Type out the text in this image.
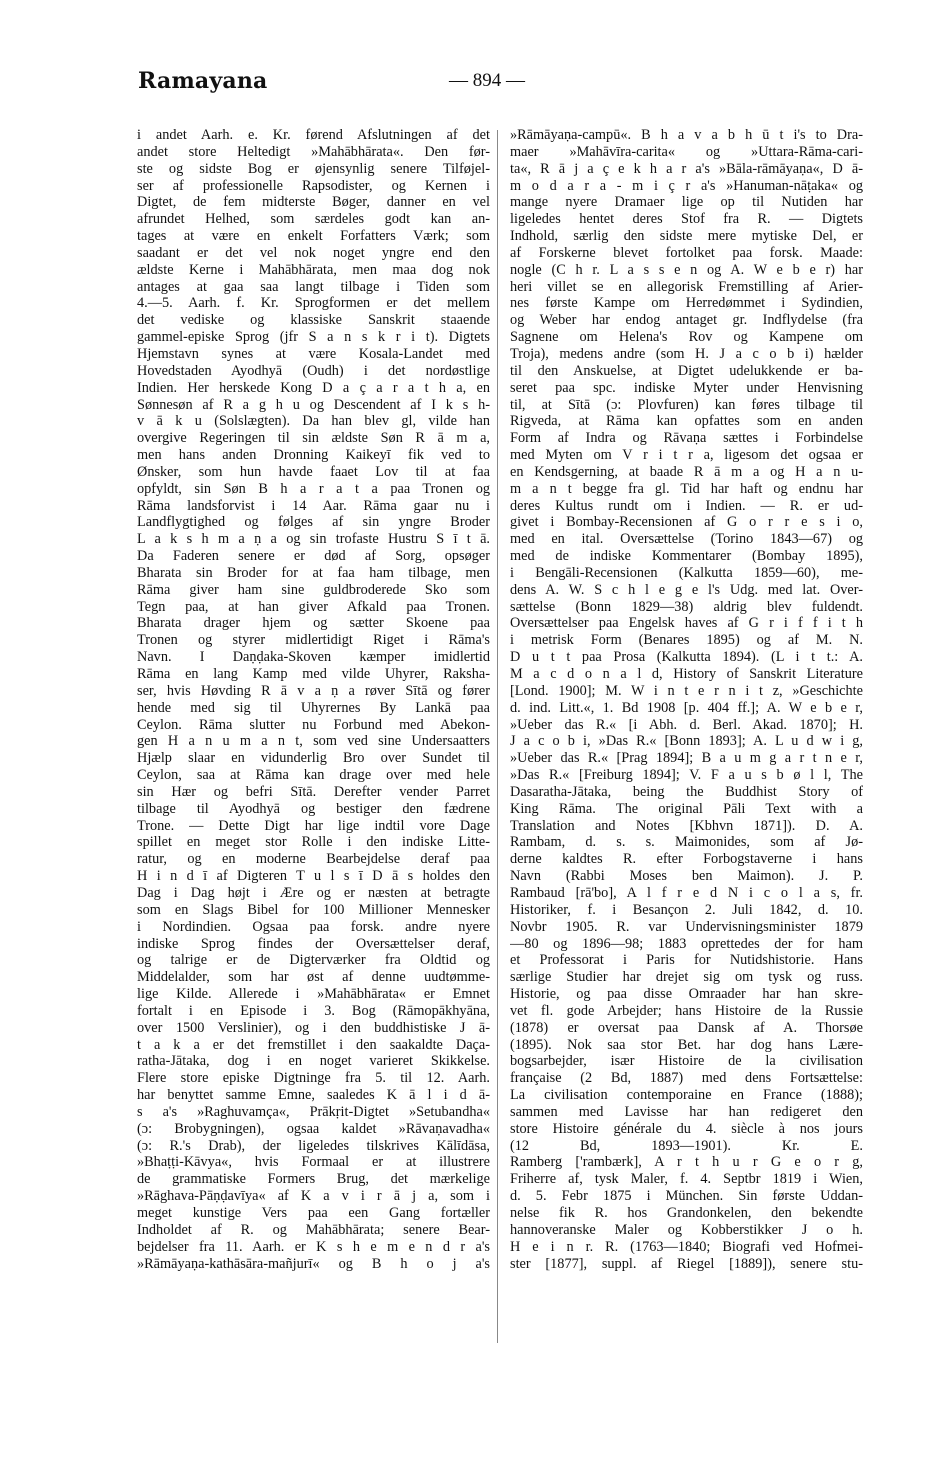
Ramayana	— 894 —
i andet Aarh. e. Kr. førend Afslutningen af det
andet store Heltedigt »Mahābhārata«. Den før-
ste og sidste Bog er øjensynlig senere Tilføjel-
ser af professionelle Rapsodister, og Kernen i
Digtet, de fem midterste Bøger, danner en vel
afrundet Helhed, som særdeles godt kan an-
tages at være en enkelt Forfatters Værk; som
saadant er det vel nok noget yngre end den
ældste Kerne i Mahābhārata, men maa dog nok
antages at gaa saa langt tilbage i Tiden som
4.—5. Aarh. f. Kr. Sprogformen er det mellem
det vediske og klassiske Sanskrit staaende
gammel-episke Sprog (jfr S a n s k r i t). Digtets
Hjemstavn synes at være Kosala-Landet med
Hovedstaden Ayodhyā (Oudh) i det nordøstlige
Indien. Her herskede Kong D a ç a r a t h a, en
Sønnesøn af R a g h u og Descendent af I k s h-
v ā k u (Solslægten). Da han blev gl, vilde han
overgive Regeringen til sin ældste Søn R ā m a,
men hans anden Dronning Kaikeyī fik ved to
Ønsker, som hun havde faaet Lov til at faa
opfyldt, sin Søn B h a r a t a paa Tronen og
Rāma landsforvist i 14 Aar. Rāma gaar nu i
Landflygtighed og følges af sin yngre Broder
L a k s h m a ṇ a og sin trofaste Hustru S ī t ā.
Da Faderen senere er død af Sorg, opsøger
Bharata sin Broder for at faa ham tilbage, men
Rāma giver ham sine guldbroderede Sko som
Tegn paa, at han giver Afkald paa Tronen.
Bharata drager hjem og sætter Skoene paa
Tronen og styrer midlertidigt Riget i Rāma's
Navn. I Daṇḍaka-Skoven kæmper imidlertid
Rāma en lang Kamp med vilde Uhyrer, Raksha-
ser, hvis Høvding R ā v a ṇ a røver Sītā og fører
hende med sig til Uhyrernes By Lankā paa
Ceylon. Rāma slutter nu Forbund med Abekon-
gen H a n u m a n t, som ved sine Undersaatters
Hjælp slaar en vidunderlig Bro over Sundet til
Ceylon, saa at Rāma kan drage over med hele
sin Hær og befri Sītā. Derefter vender Parret
tilbage til Ayodhyā og bestiger den fædrene
Trone. — Dette Digt har lige indtil vore Dage
spillet en meget stor Rolle i den indiske Litte-
ratur, og en moderne Bearbejdelse deraf paa
H i n d ī af Digteren T u l s ī D ā s holdes den
Dag i Dag højt i Ære og er næsten at betragte
som en Slags Bibel for 100 Millioner Mennesker
i Nordindien. Ogsaa paa forsk. andre nyere
indiske Sprog findes der Oversættelser deraf,
og talrige er de Digterværker fra Oldtid og
Middelalder, som har øst af denne uudtømme-
lige Kilde. Allerede i »Mahābhārata« er Emnet
fortalt i en Episode i 3. Bog (Rāmopākhyāna,
over 1500 Verslinier), og i den buddhistiske J ā-
t a k a er det fremstillet i den saakaldte Daça-
ratha-Jātaka, dog i en noget varieret Skikkelse.
Flere store episke Digtninge fra 5. til 12. Aarh.
har benyttet samme Emne, saaledes K ā l i d ā-
s a's »Raghuvamça«, Prākṛit-Digtet »Setubandha«
(ɔ: Brobygningen), ogsaa kaldet »Rāvaṇavadha«
(ɔ: R.'s Drab), der ligeledes tilskrives Kālīdāsa,
»Bhaṭṭi-Kāvya«, hvis Formaal er at illustrere
de grammatiske Formers Brug, det mærkelige
»Rāghava-Pāṇḍavīya« af K a v i r ā j a, som i
meget kunstige Vers paa een Gang fortæller
Indholdet af R. og Mahābhārata; senere Bear-
bejdelser fra 11. Aarh. er K s h e m e n d r a's
»Rāmāyaṇa-kathāsāra-mañjurī« og B h o j a's
»Rāmāyaṇa-campū«. B h a v a b h ū t i's to Dra-
maer »Mahāvīra-carita« og »Uttara-Rāma-cari-
ta«, R ā j a ç e k h a r a's »Bāla-rāmāyaṇa«, D ā-
m o d a r a - m i ç r a's »Hanuman-nāṭaka« og
mange nyere Dramaer lige op til Nutiden har
ligeledes hentet deres Stof fra R. — Digtets
Indhold, særlig den sidste mere mytiske Del, er
af Forskerne blevet fortolket paa forsk. Maade:
nogle (C h r. L a s s e n og A. W e b e r) har
heri villet se en allegorisk Fremstilling af Arier-
nes første Kampe om Herredømmet i Sydindien,
og Weber har endog antaget gr. Indflydelse (fra
Sagnene om Helena's Rov og Kampene om
Troja), medens andre (som H. J a c o b i) hælder
til den Anskuelse, at Digtet udelukkende er ba-
seret paa spc. indiske Myter under Henvisning
til, at Sītā (ɔ: Plovfuren) kan føres tilbage til
Rigveda, at Rāma kan opfattes som en anden
Form af Indra og Rāvaṇa sættes i Forbindelse
med Myten om V r i t r a, ligesom det ogsaa er
en Kendsgerning, at baade R ā m a og H a n u-
m a n t begge fra gl. Tid har haft og endnu har
deres Kultus rundt om i Indien. — R. er ud-
givet i Bombay-Recensionen af G o r r e s i o,
med en ital. Oversættelse (Torino 1843—67) og
med de indiske Kommentarer (Bombay 1895),
i Bengāli-Recensionen (Kalkutta 1859—60), me-
dens A. W. S c h l e g e l's Udg. med lat. Over-
sættelse (Bonn 1829—38) aldrig blev fuldendt.
Oversættelser paa Engelsk haves af G r i f f i t h
i metrisk Form (Benares 1895) og af M. N.
D u t t paa Prosa (Kalkutta 1894). (L i t t.: A.
M a c d o n a l d, History of Sanskrit Literature
[Lond. 1900]; M. W i n t e r n i t z, »Geschichte
d. ind. Litt.«, 1. Bd 1908 [p. 404 ff.]; A. W e b e r,
»Ueber das R.« [i Abh. d. Berl. Akad. 1870]; H.
J a c o b i, »Das R.« [Bonn 1893]; A. L u d w i g,
»Ueber das R.« [Prag 1894]; B a u m g a r t n e r,
»Das R.« [Freiburg 1894]; V. F a u s b ø l l, The
Dasaratha-Jātaka, being the Buddhist Story of
King Rāma. The original Pāli Text with a
Translation and Notes [Kbhvn 1871]). D. A.
Rambam, d. s. s. Maimonides, som af Jø-
derne kaldtes R. efter Forbogstaverne i hans
Navn (Rabbi Moses ben Maimon). J. P.
Rambaud [rā'bo], A l f r e d N i c o l a s, fr.
Historiker, f. i Besançon 2. Juli 1842, d. 10.
Novbr 1905. R. var Undervisningsminister 1879
—80 og 1896—98; 1883 oprettedes der for ham
et Professorat i Paris for Nutidshistorie. Hans
særlige Studier har drejet sig om tysk og russ.
Historie, og paa disse Omraader har han skre-
vet fl. gode Arbejder; hans Histoire de la Russie
(1878) er oversat paa Dansk af A. Thorsøe
(1895). Nok saa stor Bet. har dog hans Lære-
bogsarbejder, især Histoire de la civilisation
française (2 Bd, 1887) med dens Fortsættelse:
La civilisation contemporaine en France (1888);
sammen med Lavisse har han redigeret den
store Histoire générale du 4. siècle à nos jours
(12 Bd, 1893—1901). Kr. E.
Ramberg ['rambærk], A r t h u r G e o r g,
Friherre af, tysk Maler, f. 4. Septbr 1819 i Wien,
d. 5. Febr 1875 i München. Sin første Uddan-
nelse fik R. hos Grandonkelen, den bekendte
hannoveranske Maler og Kobberstikker J o h.
H e i n r. R. (1763—1840; Biografi ved Hofmei-
ster [1877], suppl. af Riegel [1889]), senere stu-
